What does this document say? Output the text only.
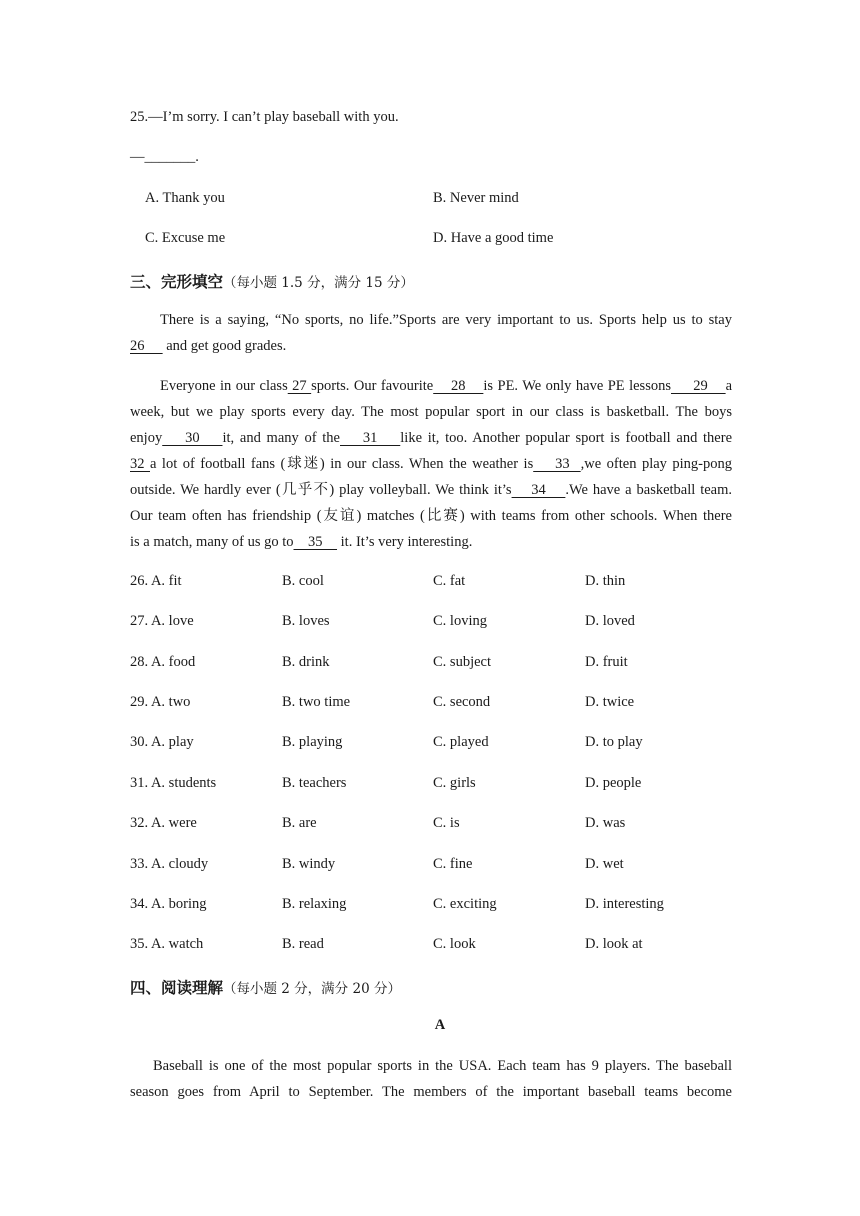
25.—I’m sorry. I can’t play baseball with you.
—_______.
A. Thank you	B. Never mind
C. Excuse me	D. Have a good time
三、完形填空（每小题 1.5 分，满分 15 分）
There is a saying, “No sports, no life.”Sports are very important to us. Sports help us to stay
26      and get good grades.
Everyone in our class 27 sports. Our favourite    28    is PE. We only have PE lessons     29    a
week, but we play sports every day. The most popular sport in our class is basketball. The boys
enjoy    30    it, and many of the    31    like it, too. Another popular sport is football and there
32 a lot of football fans (球迷) in our class. When the weather is    33  ,we often play ping-pong
outside. We hardly ever (几乎不) play volleyball. We think it’s    34    .We have a basketball team.
Our team often has friendship (友谊) matches (比赛) with teams from other schools. When there
is a match, many of us go to    35     it. It’s very interesting.
26. A. fit	B. cool	C. fat	D. thin
27. A. love	B. loves	C. loving	D. loved
28. A. food	B. drink	C. subject	D. fruit
29. A. two	B. two time	C. second	D. twice
30. A. play	B. playing	C. played	D. to play
31. A. students	B. teachers	C. girls	D. people
32. A. were	B. are	C. is	D. was
33. A. cloudy	B. windy	C. fine	D. wet
34. A. boring	B. relaxing	C. exciting	D. interesting
35. A. watch	B. read	C. look	D. look at
四、阅读理解（每小题 2 分，满分 20 分）
A
Baseball is one of the most popular sports in the USA. Each team has 9 players. The baseball
season goes from April to September. The members of the important baseball teams become
